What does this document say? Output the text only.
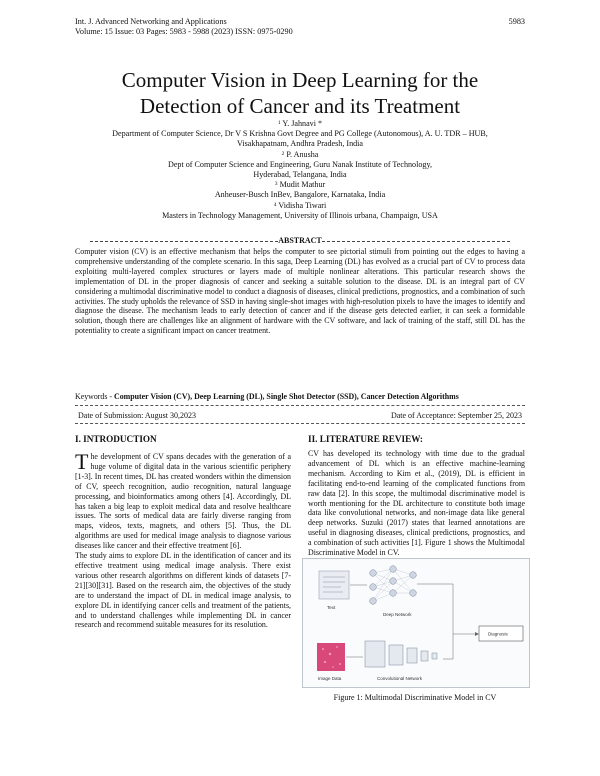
Int. J. Advanced Networking and Applications
Volume: 15 Issue: 03 Pages: 5983 - 5988 (2023) ISSN: 0975-0290
5983
Computer Vision in Deep Learning for the
Detection of Cancer and its Treatment
$^1$ Y. Jahnavi *
Department of Computer Science, Dr V S Krishna Govt Degree and PG College (Autonomous), A. U. TDR – HUB,
Visakhapatnam, Andhra Pradesh, India
$^2$ P. Anusha
Dept of Computer Science and Engineering, Guru Nanak Institute of Technology,
Hyderabad, Telangana, India
$^3$ Mudit Mathur
Anheuser-Busch InBev, Bangalore, Karnataka, India
$^4$ Vidisha Tiwari
Masters in Technology Management, University of Illinois urbana, Champaign, USA
ABSTRACT
Computer vision (CV) is an effective mechanism that helps the computer to see pictorial stimuli from pointing out the edges to having a comprehensive understanding of the complete scenario. In this saga, Deep Learning (DL) has evolved as a crucial part of CV to process data exploiting multi-layered complex structures or layers made of multiple nonlinear alterations. This particular research shows the implementation of DL in the proper diagnosis of cancer and seeking a suitable solution to the disease. DL is an integral part of CV considering a multimodal discriminative model to conduct a diagnosis of diseases, clinical predictions, prognostics, and a combination of such activities. The study upholds the relevance of SSD in having single-shot images with high-resolution pixels to have the images to identify and diagnose the disease. The mechanism leads to early detection of cancer and if the disease gets detected earlier, it can seek a formidable solution, though there are challenges like an alignment of hardware with the CV software, and lack of training of the staff, still DL has the potentiality to create a significant impact on cancer treatment.
Keywords - Computer Vision (CV), Deep Learning (DL), Single Shot Detector (SSD), Cancer Detection Algorithms
Date of Submission: August 30,2023	Date of Acceptance: September 25, 2023
I. INTRODUCTION
The development of CV spans decades with the generation of a huge volume of digital data in the various scientific periphery [1-3]. In recent times, DL has created wonders within the dimension of CV, speech recognition, audio recognition, natural language processing, and bioinformatics among others [4]. Accordingly, DL has taken a big leap to exploit medical data and resolve healthcare issues. The sorts of medical data are fairly diverse ranging from maps, videos, texts, magnets, and others [5]. Thus, the DL algorithms are used for medical image analysis to diagnose various diseases like cancer and their effective treatment [6].
The study aims to explore DL in the identification of cancer and its effective treatment using medical image analysis. There exist various other research algorithms on different kinds of datasets [7-21][30][31]. Based on the research aim, the objectives of the study are to understand the impact of DL in medical image analysis, to explore DL in identifying cancer cells and treatment of the patients, and to understand challenges while implementing DL in cancer research and recommend suitable measures for its resolution.
II. LITERATURE REVIEW:
CV has developed its technology with time due to the gradual advancement of DL which is an effective machine-learning mechanism. According to Kim et al., (2019), DL is efficient in facilitating end-to-end learning of the complicated functions from raw data [2]. In this scope, the multimodal discriminative model is worth mentioning for the DL architecture to constitute both image data like convolutional networks, and non-image data like general deep networks. Suzuki (2017) states that learned annotations are useful in diagnosing diseases, clinical predictions, prognostics, and a combination of such activities [1]. Figure 1 shows the Multimodal Discriminative Model in CV.
Text
Deep Network
Diagnosis
Image Data	Convolutional Network
Figure 1: Multimodal Discriminative Model in CV
